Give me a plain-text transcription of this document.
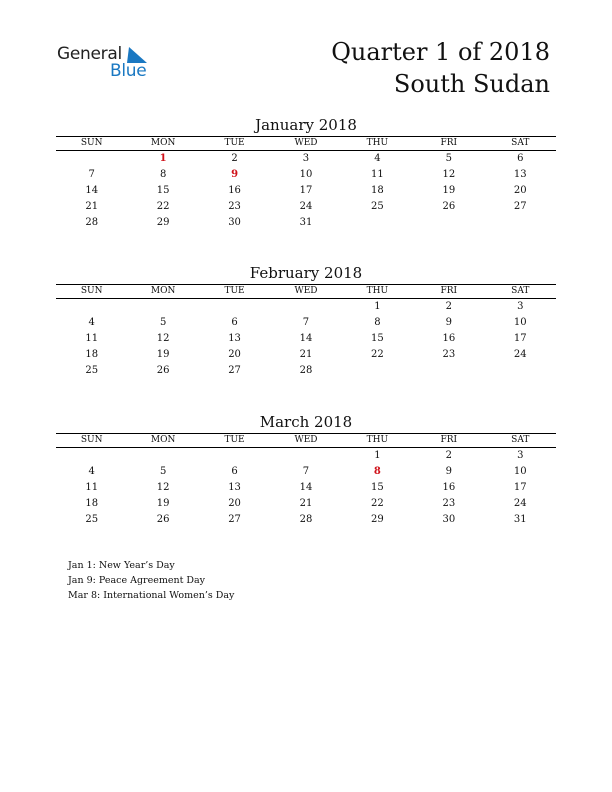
General
Blue
Quarter 1 of 2018
South Sudan
January 2018
SUN	MON	TUE	WED	THU	FRI	SAT
	1	2	3	4	5	6
7	8	9	10	11	12	13
14	15	16	17	18	19	20
21	22	23	24	25	26	27
28	29	30	31			
February 2018
SUN	MON	TUE	WED	THU	FRI	SAT
				1	2	3
4	5	6	7	8	9	10
11	12	13	14	15	16	17
18	19	20	21	22	23	24
25	26	27	28			
March 2018
SUN	MON	TUE	WED	THU	FRI	SAT
				1	2	3
4	5	6	7	8	9	10
11	12	13	14	15	16	17
18	19	20	21	22	23	24
25	26	27	28	29	30	31
Jan 1: New Year’s Day
Jan 9: Peace Agreement Day
Mar 8: International Women’s Day
